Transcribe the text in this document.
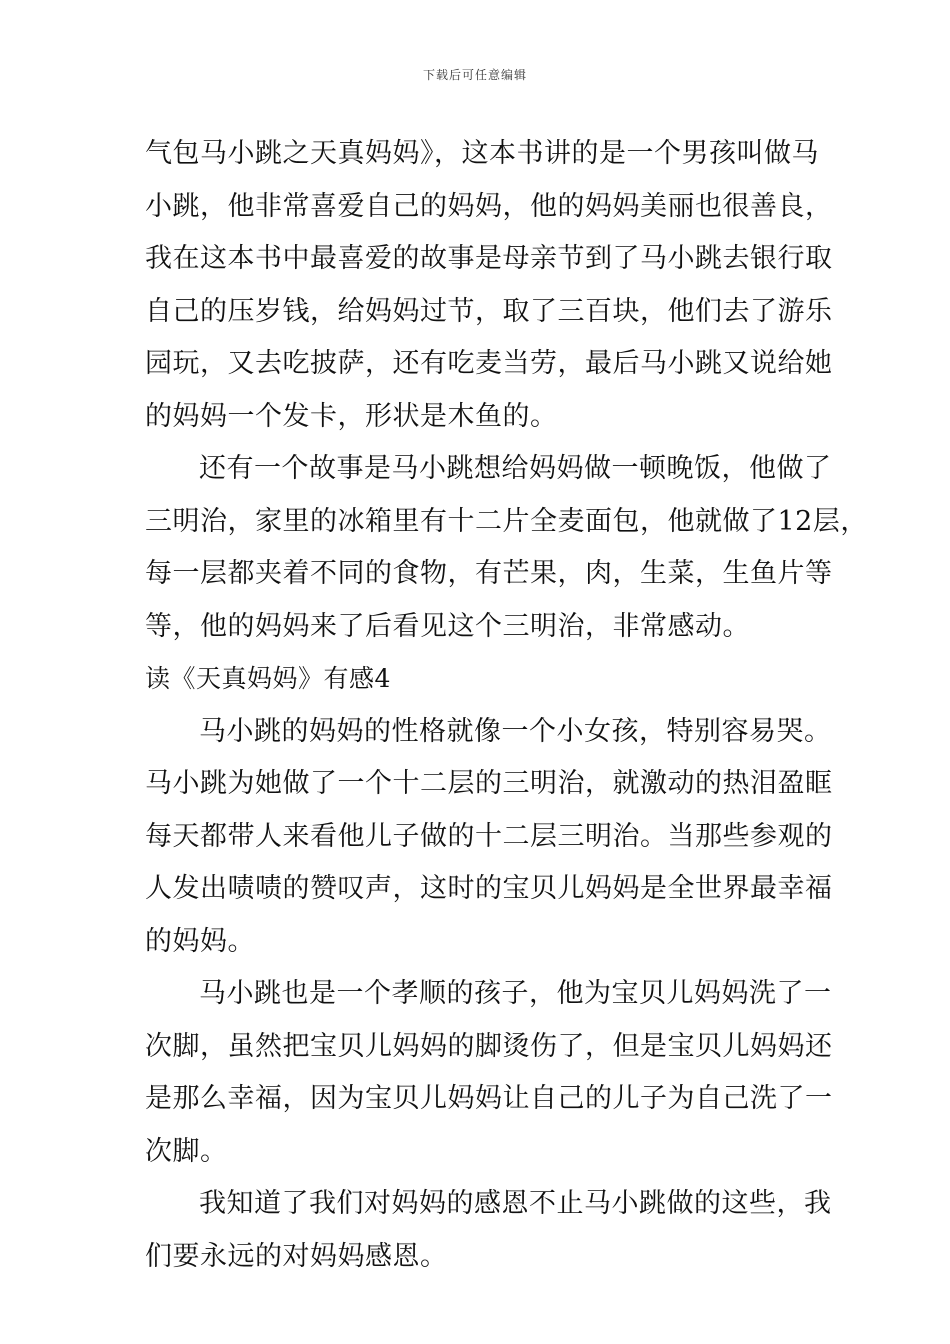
下载后可任意编辑
气包马小跳之天真妈妈》，这本书讲的是一个男孩叫做马
小跳，他非常喜爱自己的妈妈，他的妈妈美丽也很善良，
我在这本书中最喜爱的故事是母亲节到了马小跳去银行取
自己的压岁钱，给妈妈过节，取了三百块，他们去了游乐
园玩，又去吃披萨，还有吃麦当劳，最后马小跳又说给她
的妈妈一个发卡，形状是木鱼的。
还有一个故事是马小跳想给妈妈做一顿晚饭，他做了
三明治，家里的冰箱里有十二片全麦面包，他就做了12层，
每一层都夹着不同的食物，有芒果，肉，生菜，生鱼片等
等，他的妈妈来了后看见这个三明治，非常感动。
读《天真妈妈》有感4
马小跳的妈妈的性格就像一个小女孩，特别容易哭。
马小跳为她做了一个十二层的三明治，就激动的热泪盈眶
每天都带人来看他儿子做的十二层三明治。当那些参观的
人发出啧啧的赞叹声，这时的宝贝儿妈妈是全世界最幸福
的妈妈。
马小跳也是一个孝顺的孩子，他为宝贝儿妈妈洗了一
次脚，虽然把宝贝儿妈妈的脚烫伤了，但是宝贝儿妈妈还
是那么幸福，因为宝贝儿妈妈让自己的儿子为自己洗了一
次脚。
我知道了我们对妈妈的感恩不止马小跳做的这些，我
们要永远的对妈妈感恩。
